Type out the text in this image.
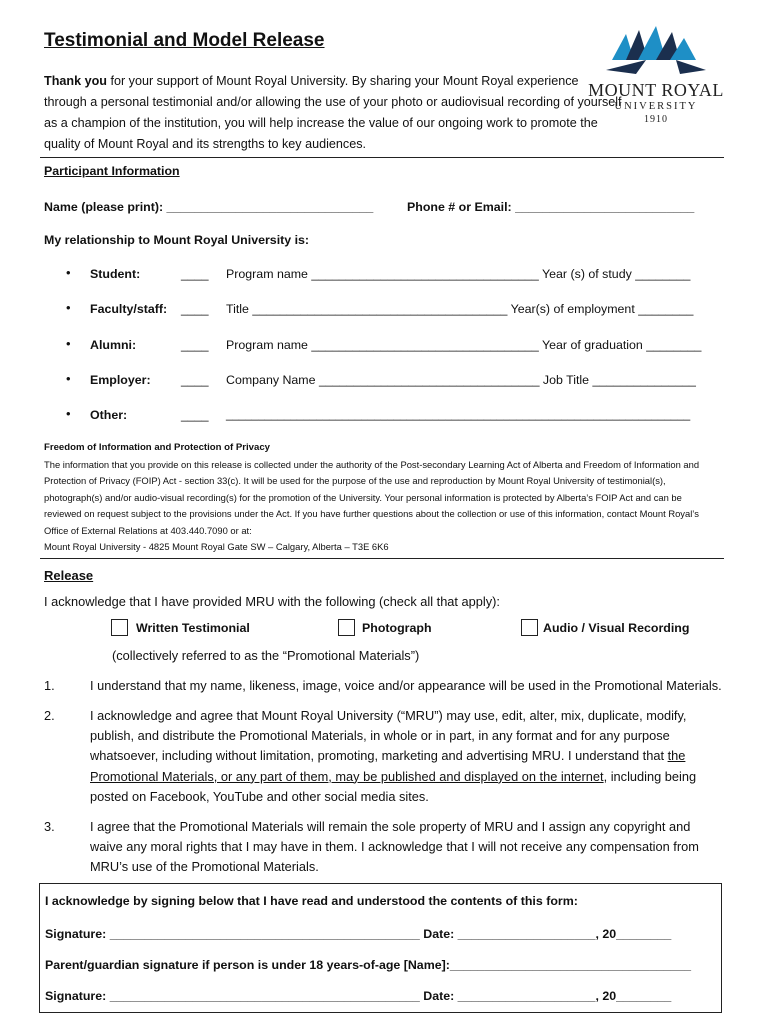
Testimonial and Model Release
Thank you for your support of Mount Royal University. By sharing your Mount Royal experience through a personal testimonial and/or allowing the use of your photo or audiovisual recording of yourself as a champion of the institution, you will help increase the value of our ongoing work to promote the quality of Mount Royal and its strengths to key audiences.
MOUNT ROYAL
UNIVERSITY
1910
Participant Information
Name (please print): ______________________________	Phone # or Email: __________________________
My relationship to Mount Royal University is:
• Student:	____ Program name _________________________________ Year (s) of study ________
• Faculty/staff: ____ Title _____________________________________ Year(s) of employment ________
• Alumni:	____ Program name _________________________________ Year of graduation ________
• Employer: ____ Company Name ________________________________ Job Title _______________
• Other:	____ ________________________________________________________________________
Freedom of Information and Protection of Privacy
The information that you provide on this release is collected under the authority of the Post-secondary Learning Act of Alberta and Freedom of Information and Protection of Privacy (FOIP) Act - section 33(c). It will be used for the purpose of the use and reproduction by Mount Royal University of testimonial(s), photograph(s) and/or audio-visual recording(s) for the promotion of the University. Your personal information is protected by Alberta’s FOIP Act and can be reviewed on request subject to the provisions under the Act. If you have further questions about the collection or use of this information, contact Mount Royal’s Office of External Relations at 403.440.7090 or at:
Mount Royal University - 4825 Mount Royal Gate SW – Calgary, Alberta – T3E 6K6
Release
I acknowledge that I have provided MRU with the following (check all that apply):
Written Testimonial	Photograph	Audio / Visual Recording
(collectively referred to as the “Promotional Materials”)
1.	I understand that my name, likeness, image, voice and/or appearance will be used in the Promotional Materials.
2.	I acknowledge and agree that Mount Royal University (“MRU”) may use, edit, alter, mix, duplicate, modify, publish, and distribute the Promotional Materials, in whole or in part, in any format and for any purpose whatsoever, including without limitation, promoting, marketing and advertising MRU. I understand that the Promotional Materials, or any part of them, may be published and displayed on the internet, including being posted on Facebook, YouTube and other social media sites.
3.	I agree that the Promotional Materials will remain the sole property of MRU and I assign any copyright and waive any moral rights that I may have in them. I acknowledge that I will not receive any compensation from MRU’s use of the Promotional Materials.
I acknowledge by signing below that I have read and understood the contents of this form:
Signature: _____________________________________________ Date: ____________________, 20________
Parent/guardian signature if person is under 18 years-of-age [Name]:___________________________________
Signature: _____________________________________________ Date: ____________________, 20________
